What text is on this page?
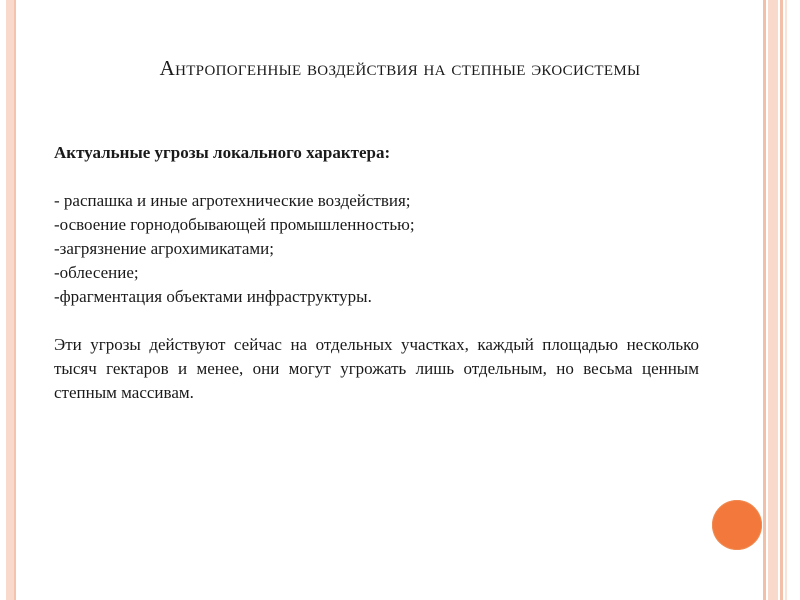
Антропогенные воздействия на степные экосистемы
Актуальные угрозы локального характера:
- распашка и иные агротехнические воздействия;
-освоение горнодобывающей промышленностью;
-загрязнение агрохимикатами;
-облесение;
-фрагментация объектами инфраструктуры.

Эти угрозы действуют сейчас на отдельных участках, каждый площадью несколько тысяч гектаров и менее, они могут угрожать лишь отдельным, но весьма ценным степным массивам.
